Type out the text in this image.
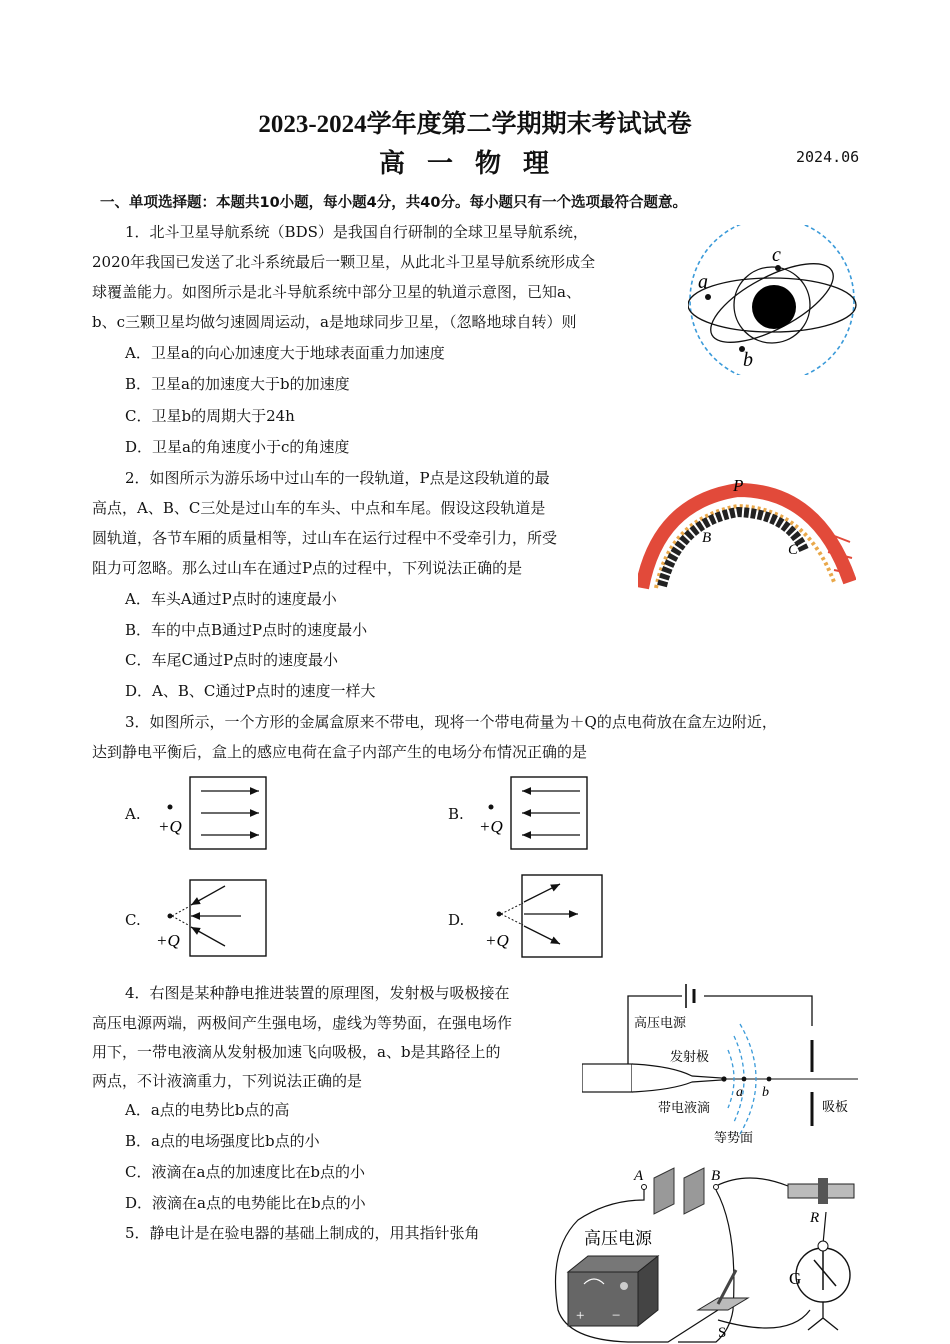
2023-2024学年度第二学期期末考试试卷
高一物理	2024.06
一、单项选择题：本题共10小题，每小题4分，共40分。每小题只有一个选项最符合题意。
1．北斗卫星导航系统（BDS）是我国自行研制的全球卫星导航系统，
2020年我国已发送了北斗系统最后一颗卫星，从此北斗卫星导航系统形成全
球覆盖能力。如图所示是北斗导航系统中部分卫星的轨道示意图，已知a、
b、c三颗卫星均做匀速圆周运动，a是地球同步卫星，（忽略地球自转）则
A．卫星a的向心加速度大于地球表面重力加速度
B．卫星a的加速度大于b的加速度
C．卫星b的周期大于24h
D．卫星a的角速度小于c的角速度
a
b
c
2．如图所示为游乐场中过山车的一段轨道，P点是这段轨道的最
高点，A、B、C三处是过山车的车头、中点和车尾。假设这段轨道是
圆轨道，各节车厢的质量相等，过山车在运行过程中不受牵引力，所受
阻力可忽略。那么过山车在通过P点的过程中，下列说法正确的是
A．车头A通过P点时的速度最小
B．车的中点B通过P点时的速度最小
C．车尾C通过P点时的速度最小
D．A、B、C通过P点时的速度一样大
P
A
B
C
3．如图所示，一个方形的金属盒原来不带电，现将一个带电荷量为＋Q的点电荷放在盒左边附近，
达到静电平衡后，盒上的感应电荷在盒子内部产生的电场分布情况正确的是
A.
+Q
B.
+Q
C.
+Q
D.
+Q
4．右图是某种静电推进装置的原理图，发射极与吸极接在
高压电源两端，两极间产生强电场，虚线为等势面，在强电场作
用下，一带电液滴从发射极加速飞向吸极，a、b是其路径上的
两点，不计液滴重力，下列说法正确的是
A．a点的电势比b点的高
B．a点的电场强度比b点的小
C．液滴在a点的加速度比在b点的小
D．液滴在a点的电势能比在b点的小
高压电源
发射极
带电液滴
a b
吸板
等势面
5．静电计是在验电器的基础上制成的，用其指针张角
A	B
R
高压电源
+ −
G
S
